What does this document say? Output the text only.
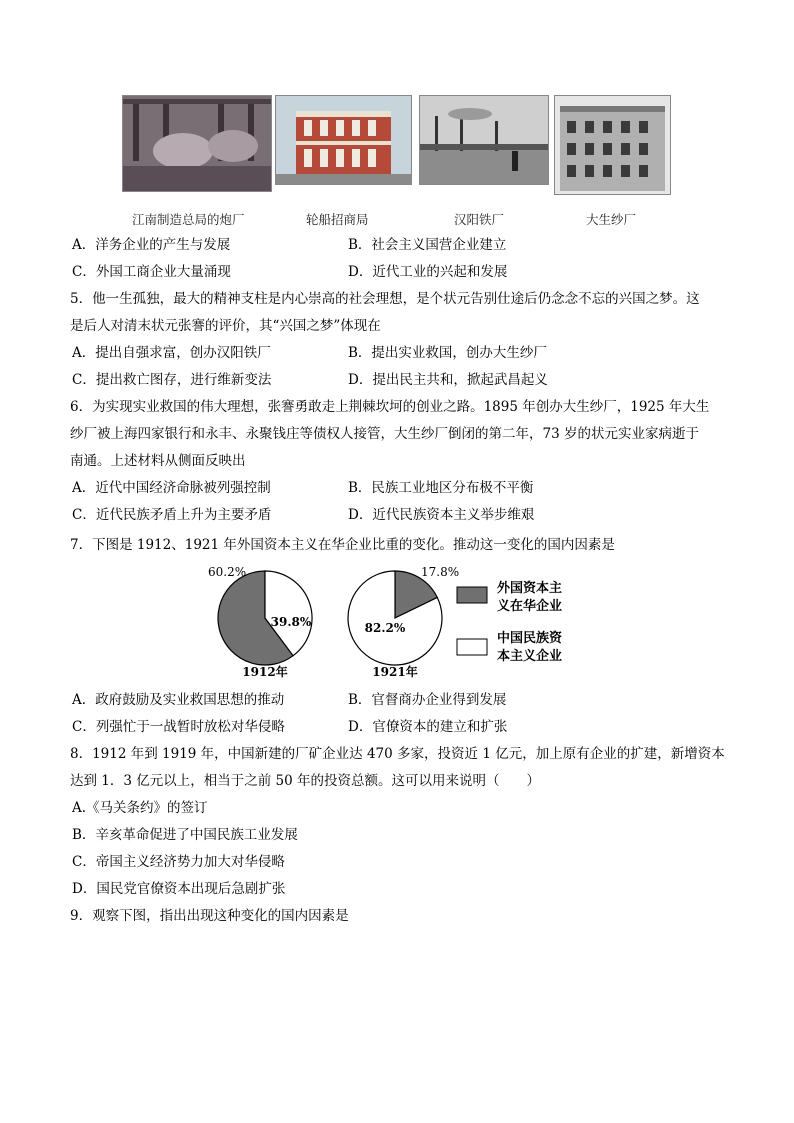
江南制造总局的炮厂	轮船招商局	汉阳铁厂	大生纱厂
A．洋务企业的产生与发展	B．社会主义国营企业建立
C．外国工商企业大量涌现	D．近代工业的兴起和发展
5．他一生孤独，最大的精神支柱是内心崇高的社会理想，是个状元告别仕途后仍念念不忘的兴国之梦。这
是后人对清末状元张謇的评价，其“兴国之梦”体现在
A．提出自强求富，创办汉阳铁厂	B．提出实业救国，创办大生纱厂
C．提出救亡图存，进行维新变法	D．提出民主共和，掀起武昌起义
6．为实现实业救国的伟大理想，张謇勇敢走上荆棘坎坷的创业之路。1895 年创办大生纱厂，1925 年大生
纱厂被上海四家银行和永丰、永聚钱庄等债权人接管，大生纱厂倒闭的第二年，73 岁的状元实业家病逝于
南通。上述材料从侧面反映出
A．近代中国经济命脉被列强控制	B．民族工业地区分布极不平衡
C．近代民族矛盾上升为主要矛盾	D．近代民族资本主义举步维艰
7．下图是 1912、1921 年外国资本主义在华企业比重的变化。推动这一变化的国内因素是
60.2%
39.8%
1912年
17.8%
82.2%
1921年
外国资本主
义在华企业
中国民族资
本主义企业
A．政府鼓励及实业救国思想的推动	B．官督商办企业得到发展
C．列强忙于一战暂时放松对华侵略	D．官僚资本的建立和扩张
8．1912 年到 1919 年，中国新建的厂矿企业达 470 多家，投资近 1 亿元，加上原有企业的扩建，新增资本
达到 1．3 亿元以上，相当于之前 50 年的投资总额。这可以用来说明（　　）
A.《马关条约》的签订
B．辛亥革命促进了中国民族工业发展
C．帝国主义经济势力加大对华侵略
D．国民党官僚资本出现后急剧扩张
9．观察下图，指出出现这种变化的国内因素是
